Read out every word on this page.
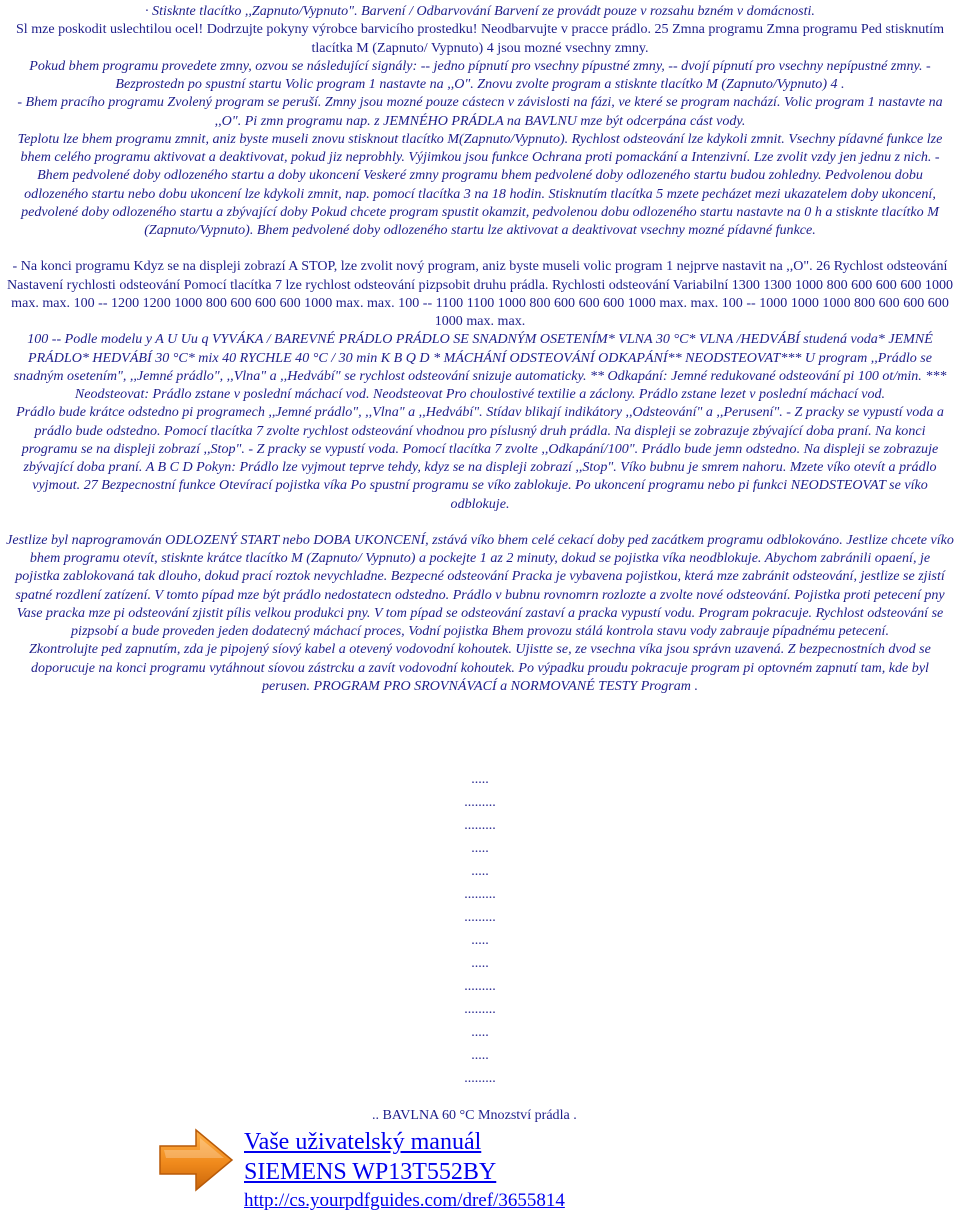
· Stisknte tlacítko ,,Zapnuto/Vypnuto". Barvení / Odbarvování Barvení ze provádt pouze v rozsahu bzném v domácnosti.

Sl mze poskodit uslechtilou ocel! Dodrzujte pokyny výrobce barvicího prostedku! Neodbarvujte v pracce prádlo. 25 Zmna programu Zmna programu Ped stisknutím tlacítka M (Zapnuto/ Vypnuto) 4 jsou mozné vsechny zmny.

Pokud bhem programu provedete zmny, ozvou se následující signály: -- jedno pípnutí pro vsechny pípustné zmny, -- dvojí pípnutí pro vsechny nepípustné zmny. - Bezprostedn po spustní startu Volic program 1 nastavte na ,,O". Znovu zvolte program a stisknte tlacítko M (Zapnuto/Vypnuto) 4 .

- Bhem pracího programu Zvolený program se peruší. Zmny jsou mozné pouze cástecn v závislosti na fázi, ve které se program nachází. Volic program 1 nastavte na ,,O". Pi zmn programu nap. z JEMNÉHO PRÁDLA na BAVLNU mze být odcerpána cást vody.

Teplotu lze bhem programu zmnit, aniz byste museli znovu stisknout tlacítko M(Zapnuto/Vypnuto). Rychlost odsteování lze kdykoli zmnit. Vsechny pídavné funkce lze bhem celého programu aktivovat a deaktivovat, pokud jiz neprobhly. Výjimkou jsou funkce Ochrana proti pomackání a Intenzivní. Lze zvolit vzdy jen jednu z nich. - Bhem pedvolené doby odlozeného startu a doby ukoncení Veskeré zmny programu bhem pedvolené doby odlozeného startu budou zohledny. Pedvolenou dobu odlozeného startu nebo dobu ukoncení lze kdykoli zmnit, nap. pomocí tlacítka 3 na 18 hodin. Stisknutím tlacítka 5 mzete pecházet mezi ukazatelem doby ukoncení, pedvolené doby odlozeného startu a zbývající doby Pokud chcete program spustit okamzit, pedvolenou dobu odlozeného startu nastavte na 0 h a stisknte tlacítko M (Zapnuto/Vypnuto). Bhem pedvolené doby odlozeného startu lze aktivovat a deaktivovat vsechny mozné pídavné funkce.

- Na konci programu Kdyz se na displeji zobrazí A STOP, lze zvolit nový program, aniz byste museli volic program 1 nejprve nastavit na ,,O". 26 Rychlost odsteování Nastavení rychlosti odsteování Pomocí tlacítka 7 lze rychlost odsteování pizpsobit druhu prádla. Rychlosti odsteování Variabilní 1300 1300 1000 800 600 600 600 1000 max. max. 100 -- 1200 1200 1000 800 600 600 600 1000 max. max. 100 -- 1100 1100 1000 800 600 600 600 1000 max. max. 100 -- 1000 1000 1000 800 600 600 600 1000 max. max.

100 -- Podle modelu y A U Uu q VYVÁKA / BAREVNÉ PRÁDLO PRÁDLO SE SNADNÝM OSETENÍM* VLNA 30 °C* VLNA /HEDVÁBÍ studená voda* JEMNÉ PRÁDLO* HEDVÁBÍ 30 °C* mix 40 RYCHLE 40 °C / 30 min K B Q D * MÁCHÁNÍ ODSTEOVÁNÍ ODKAPÁNÍ** NEODSTEOVAT*** U program ,,Prádlo se snadným osetením", ,,Jemné prádlo", ,,Vlna" a ,,Hedvábí" se rychlost odsteování snizuje automaticky. ** Odkapání: Jemné redukované odsteování pi 100 ot/min. *** Neodsteovat: Prádlo zstane v poslední máchací vod. Neodsteovat Pro choulostivé textilie a záclony. Prádlo zstane lezet v poslední máchací vod.

Prádlo bude krátce odstedno pi programech ,,Jemné prádlo", ,,Vlna" a ,,Hedvábí". Stídav blikají indikátory ,,Odsteování" a ,,Perusení". - Z pracky se vypustí voda a prádlo bude odstedno. Pomocí tlacítka 7 zvolte rychlost odsteování vhodnou pro píslusný druh prádla. Na displeji se zobrazuje zbývající doba praní. Na konci programu se na displeji zobrazí ,,Stop". - Z pracky se vypustí voda. Pomocí tlacítka 7 zvolte ,,Odkapání/100". Prádlo bude jemn odstedno. Na displeji se zobrazuje zbývající doba praní. A B C D Pokyn: Prádlo lze vyjmout teprve tehdy, kdyz se na displeji zobrazí ,,Stop". Víko bubnu je smrem nahoru. Mzete víko otevít a prádlo vyjmout. 27 Bezpecnostní funkce Otevírací pojistka víka Po spustní programu se víko zablokuje. Po ukoncení programu nebo pi funkci NEODSTEOVAT se víko odblokuje.

Jestlize byl naprogramován ODLOZENÝ START nebo DOBA UKONCENÍ, zstává víko bhem celé cekací doby ped zacátkem programu odblokováno. Jestlize chcete víko bhem programu otevít, stisknte krátce tlacítko M (Zapnuto/ Vypnuto) a pockejte 1 az 2 minuty, dokud se pojistka víka neodblokuje. Abychom zabránili opaení, je pojistka zablokovaná tak dlouho, dokud prací roztok nevychladne. Bezpecné odsteování Pracka je vybavena pojistkou, která mze zabránit odsteování, jestlize se zjistí spatné rozdlení zatízení. V tomto pípad mze být prádlo nedostatecn odstedno. Prádlo v bubnu rovnomrn rozlozte a zvolte nové odsteování. Pojistka proti petecení pny Vase pracka mze pi odsteování zjistit pílis velkou produkci pny. V tom pípad se odsteování zastaví a pracka vypustí vodu. Program pokracuje. Rychlost odsteování se pizpsobí a bude proveden jeden dodatecný máchací proces, Vodní pojistka Bhem provozu stálá kontrola stavu vody zabrauje pípadnému petecení.

Zkontrolujte ped zapnutím, zda je pipojený síový kabel a otevený vodovodní kohoutek. Ujistte se, ze vsechna víka jsou správn uzavená. Z bezpecnostních dvod se doporucuje na konci programu vytáhnout síovou zástrcku a zavít vodovodní kohoutek. Po výpadku proudu pokracuje program pi optovném zapnutí tam, kde byl perusen. PROGRAM PRO SROVNÁVACÍ a NORMOVANÉ TESTY Program .

.....
.........
.........
.....
.....
.........
.........
.....
.....
.........
.........
.....
.....
.........
.. BAVLNA 60 °C Mnozství prádla .
Vaše uživatelský manuál
SIEMENS WP13T552BY
http://cs.yourpdfguides.com/dref/3655814
